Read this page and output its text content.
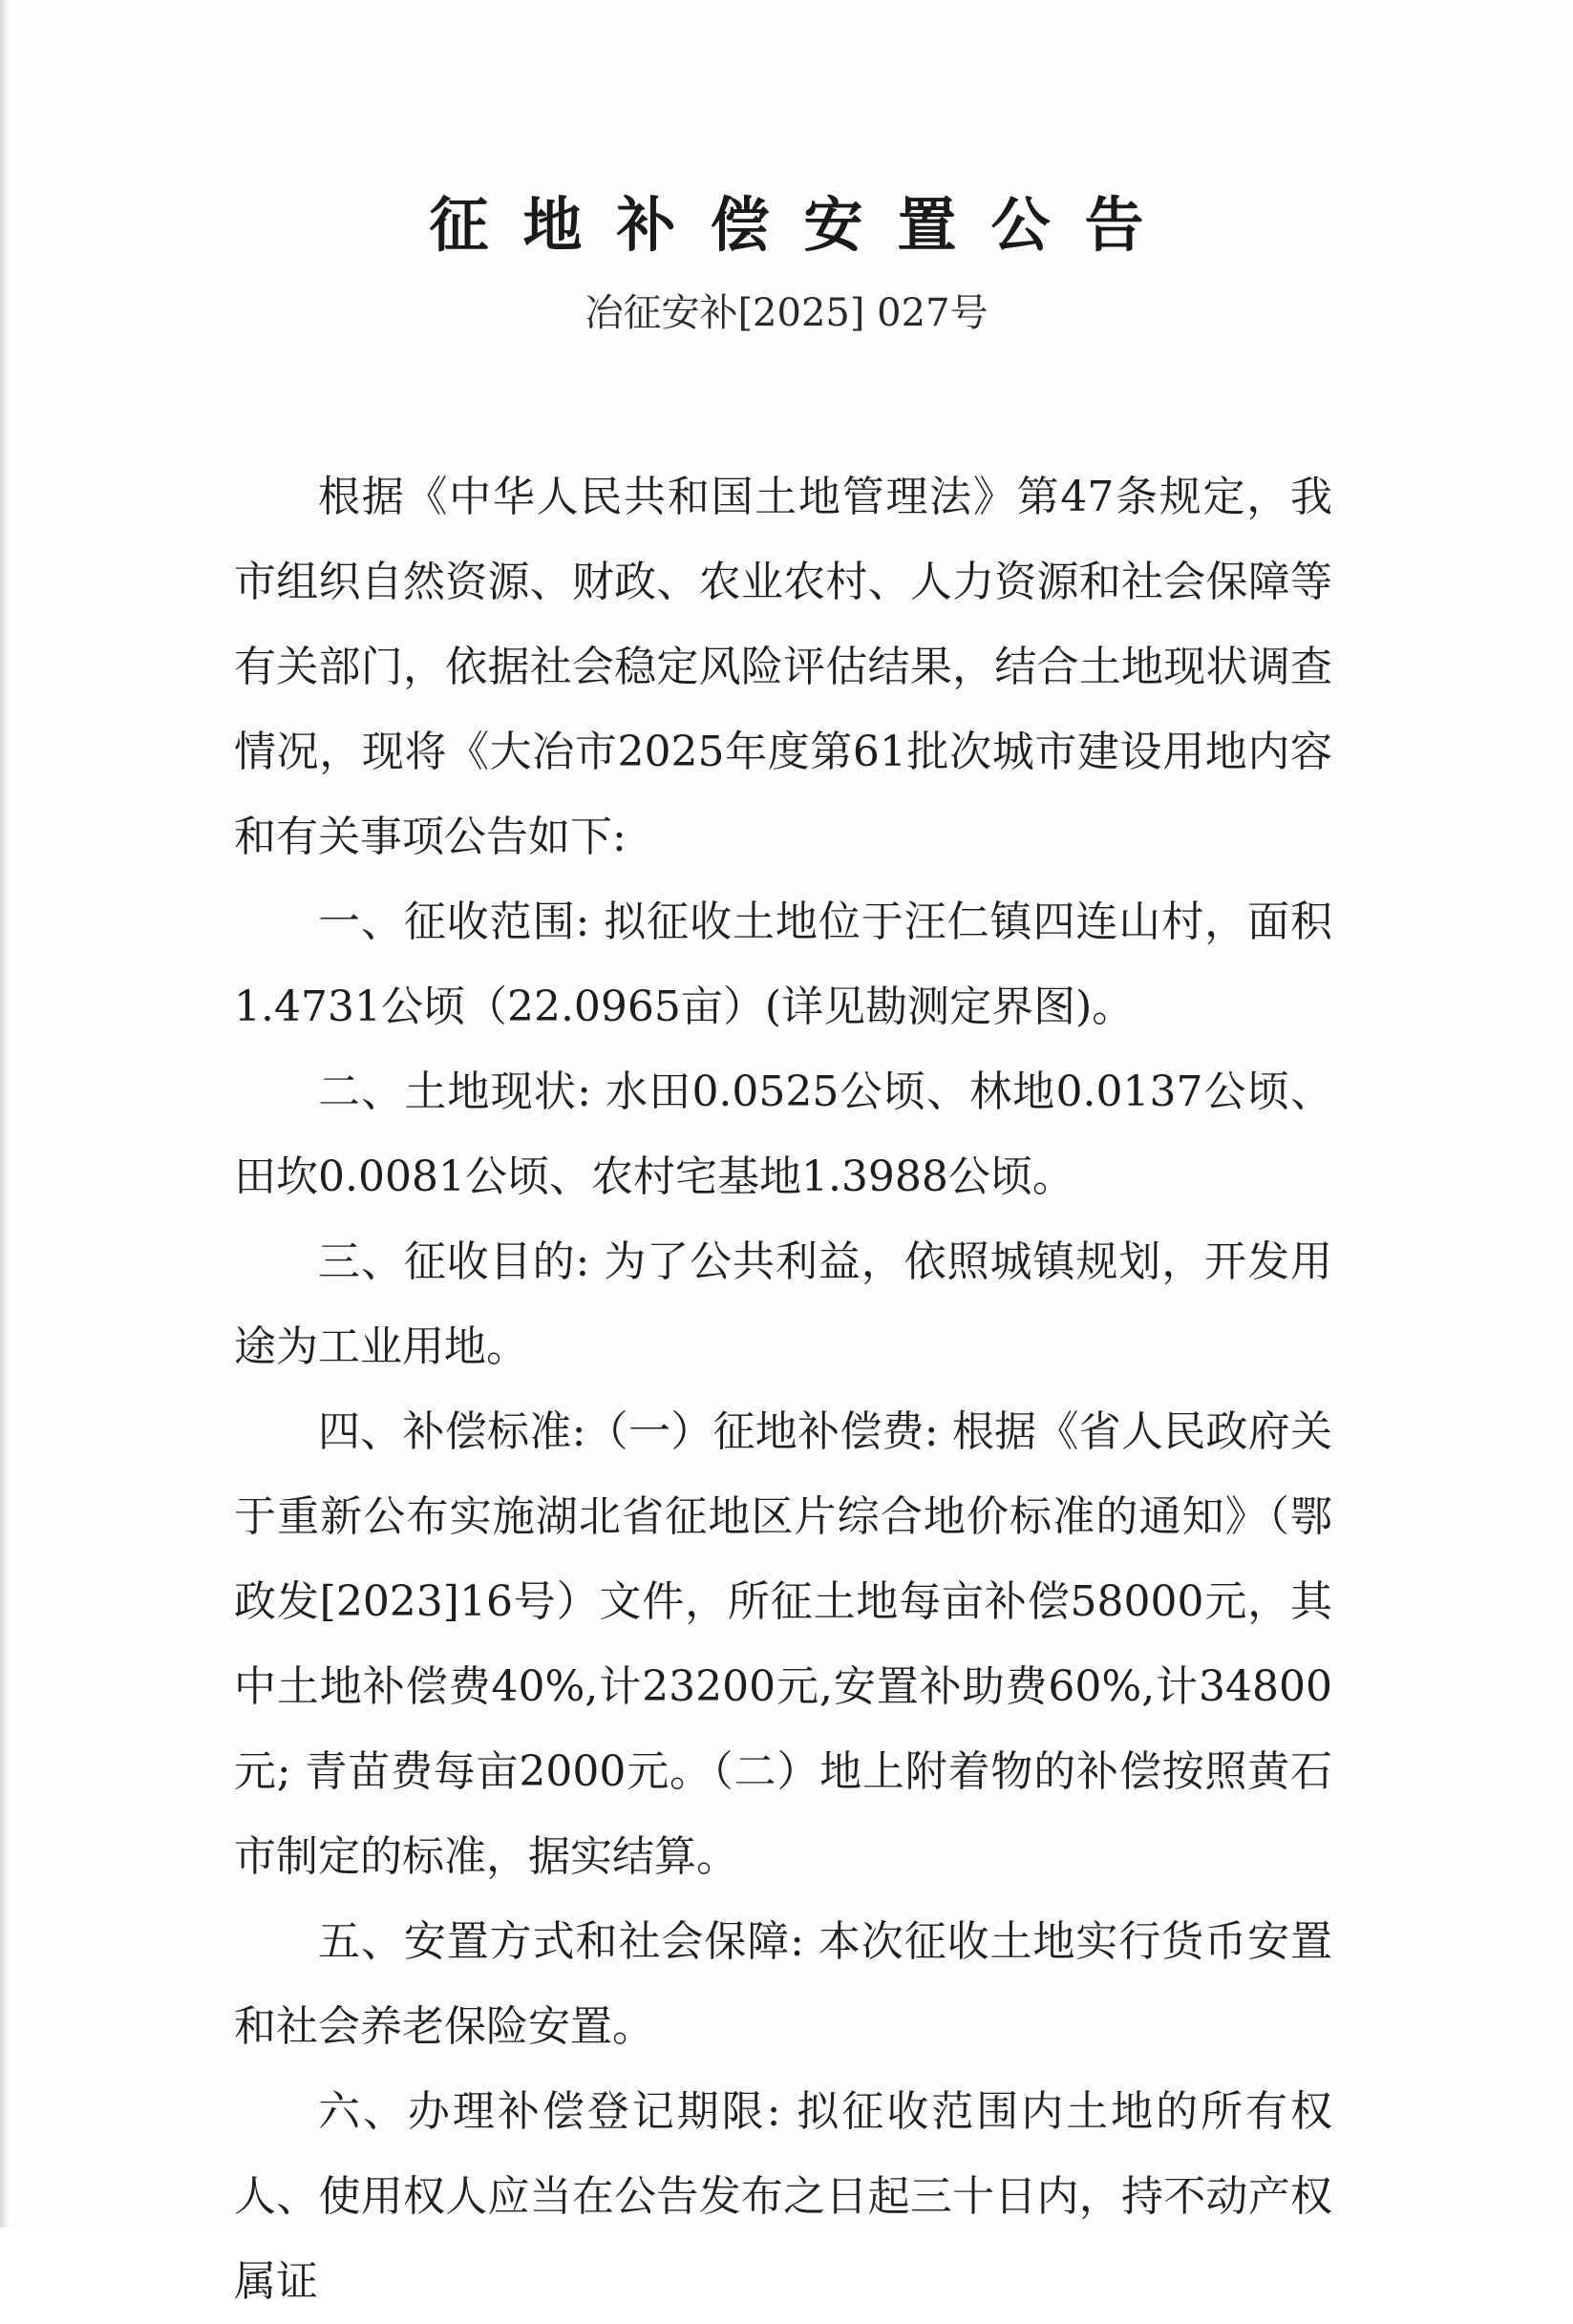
征地补偿安置公告
冶征安补[2025] 027号

根据《中华人民共和国土地管理法》第47条规定，我市组织自然资源、财政、农业农村、人力资源和社会保障等有关部门，依据社会稳定风险评估结果，结合土地现状调查情况，现将《大冶市2025年度第61批次城市建设用地内容和有关事项公告如下:

一、征收范围: 拟征收土地位于汪仁镇四连山村，面积1.4731公顷（22.0965亩）(详见勘测定界图)。

二、土地现状: 水田0.0525公顷、林地0.0137公顷、田坎0.0081公顷、农村宅基地1.3988公顷。

三、征收目的: 为了公共利益，依照城镇规划，开发用途为工业用地。

四、补偿标准:（一）征地补偿费: 根据《省人民政府关于重新公布实施湖北省征地区片综合地价标准的通知》（鄂政发[2023]16号）文件，所征土地每亩补偿58000元，其中土地补偿费40%,计23200元,安置补助费60%,计34800元; 青苗费每亩2000元。（二）地上附着物的补偿按照黄石市制定的标准，据实结算。

五、安置方式和社会保障: 本次征收土地实行货币安置和社会养老保险安置。

六、办理补偿登记期限: 拟征收范围内土地的所有权人、使用权人应当在公告发布之日起三十日内，持不动产权属证
